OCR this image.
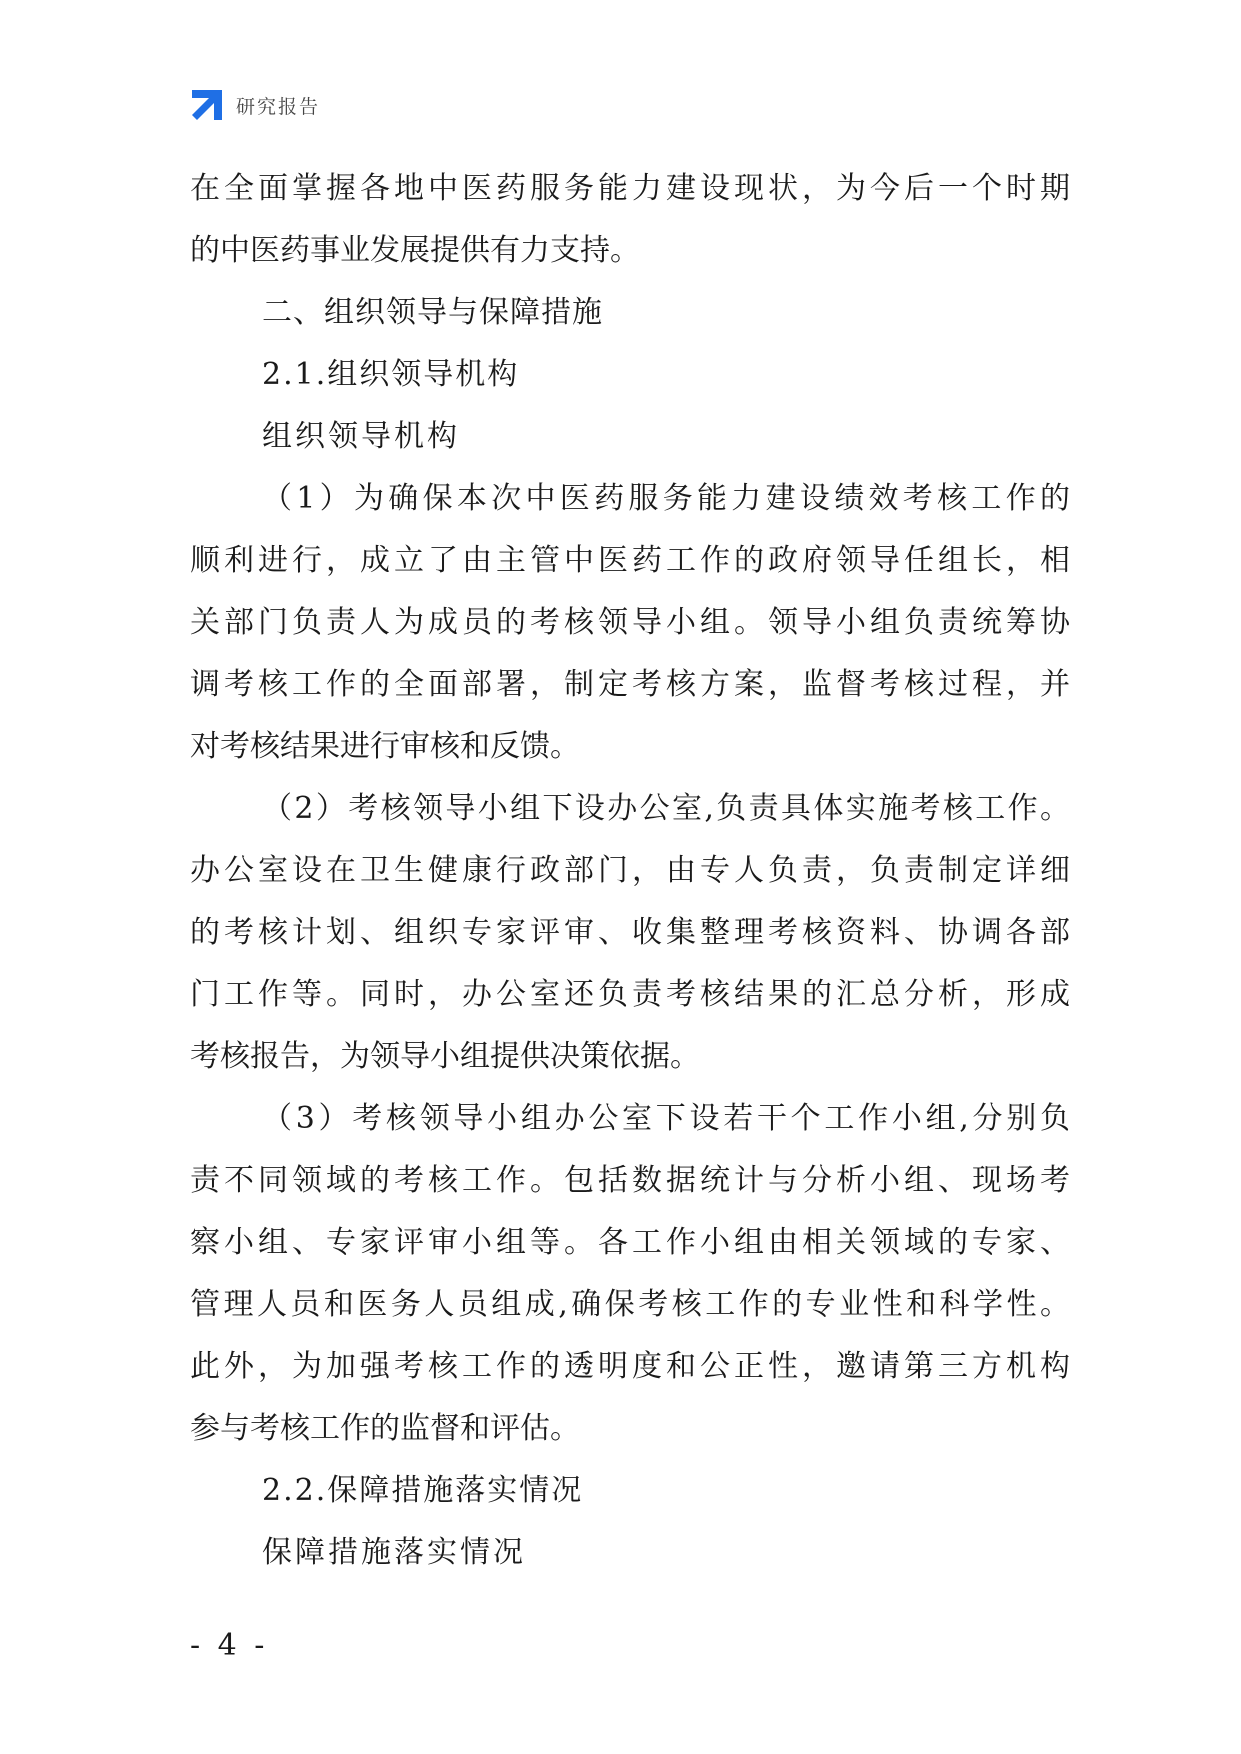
研究报告
在全面掌握各地中医药服务能力建设现状，为今后一个时期
的中医药事业发展提供有力支持。
二、组织领导与保障措施
2.1.组织领导机构
组织领导机构
（1）为确保本次中医药服务能力建设绩效考核工作的
顺利进行，成立了由主管中医药工作的政府领导任组长，相
关部门负责人为成员的考核领导小组。领导小组负责统筹协
调考核工作的全面部署，制定考核方案，监督考核过程，并
对考核结果进行审核和反馈。
（2）考核领导小组下设办公室,负责具体实施考核工作。
办公室设在卫生健康行政部门，由专人负责，负责制定详细
的考核计划、组织专家评审、收集整理考核资料、协调各部
门工作等。同时，办公室还负责考核结果的汇总分析，形成
考核报告，为领导小组提供决策依据。
（3）考核领导小组办公室下设若干个工作小组,分别负
责不同领域的考核工作。包括数据统计与分析小组、现场考
察小组、专家评审小组等。各工作小组由相关领域的专家、
管理人员和医务人员组成,确保考核工作的专业性和科学性。
此外，为加强考核工作的透明度和公正性，邀请第三方机构
参与考核工作的监督和评估。
2.2.保障措施落实情况
保障措施落实情况
- 4 -
